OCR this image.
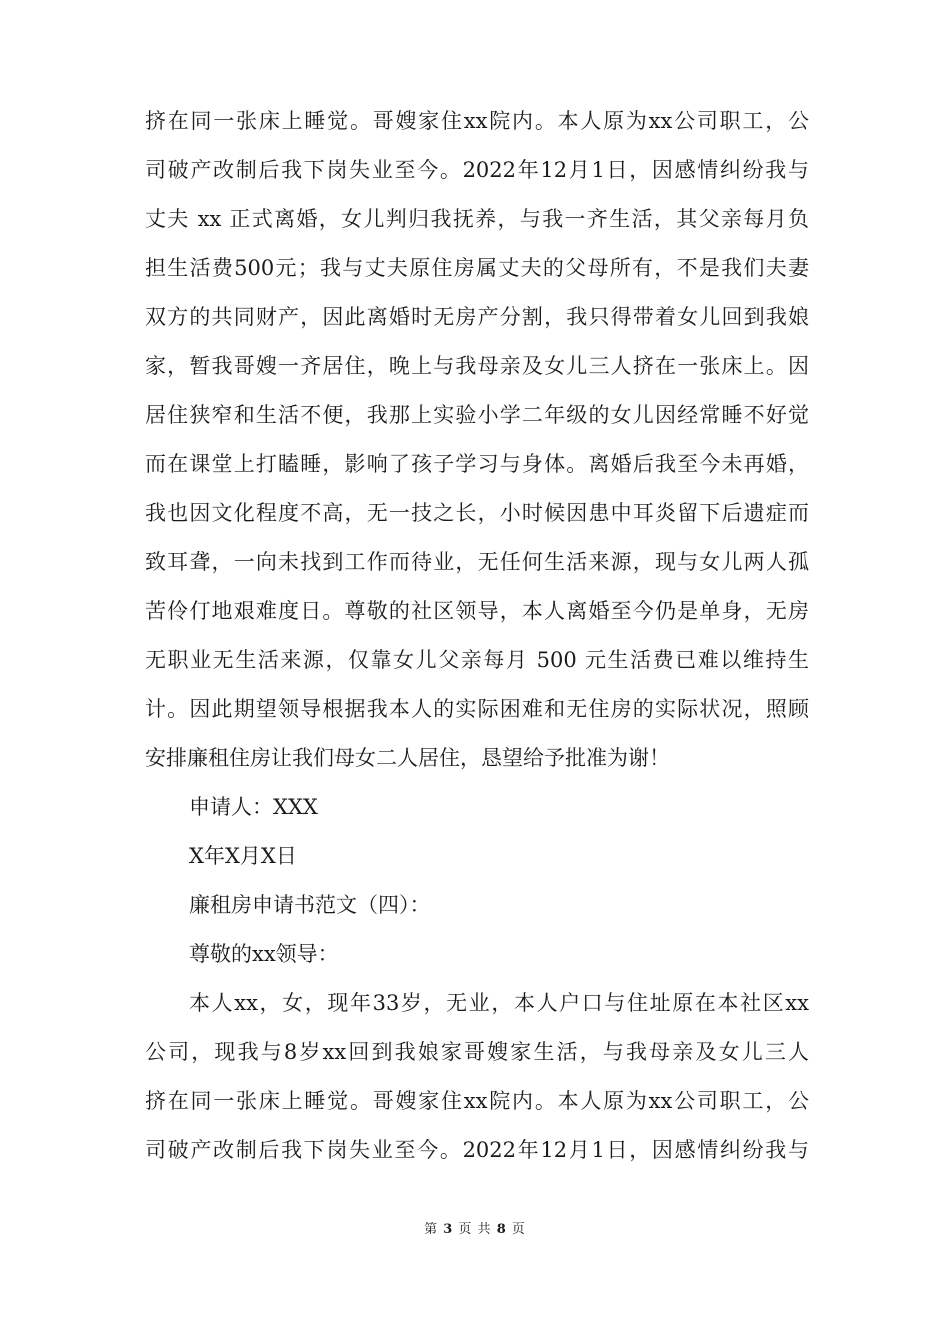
挤在同一张床上睡觉。哥嫂家住xx院内。本人原为xx公司职工，公
司破产改制后我下岗失业至今。2022年12月1日，因感情纠纷我与
丈夫 xx 正式离婚，女儿判归我抚养，与我一齐生活，其父亲每月负
担生活费500元；我与丈夫原住房属丈夫的父母所有，不是我们夫妻
双方的共同财产，因此离婚时无房产分割，我只得带着女儿回到我娘
家，暂我哥嫂一齐居住，晚上与我母亲及女儿三人挤在一张床上。因
居住狭窄和生活不便，我那上实验小学二年级的女儿因经常睡不好觉
而在课堂上打瞌睡，影响了孩子学习与身体。离婚后我至今未再婚，
我也因文化程度不高，无一技之长，小时候因患中耳炎留下后遗症而
致耳聋，一向未找到工作而待业，无任何生活来源，现与女儿两人孤
苦伶仃地艰难度日。尊敬的社区领导，本人离婚至今仍是单身，无房
无职业无生活来源，仅靠女儿父亲每月 500 元生活费已难以维持生
计。因此期望领导根据我本人的实际困难和无住房的实际状况，照顾
安排廉租住房让我们母女二人居住，恳望给予批准为谢！
申请人：XXX
X年X月X日
廉租房申请书范文（四）：
尊敬的xx领导：
本人xx，女，现年33岁，无业，本人户口与住址原在本社区xx
公司，现我与8岁xx回到我娘家哥嫂家生活，与我母亲及女儿三人
挤在同一张床上睡觉。哥嫂家住xx院内。本人原为xx公司职工，公
司破产改制后我下岗失业至今。2022年12月1日，因感情纠纷我与
第 3 页 共 8 页
